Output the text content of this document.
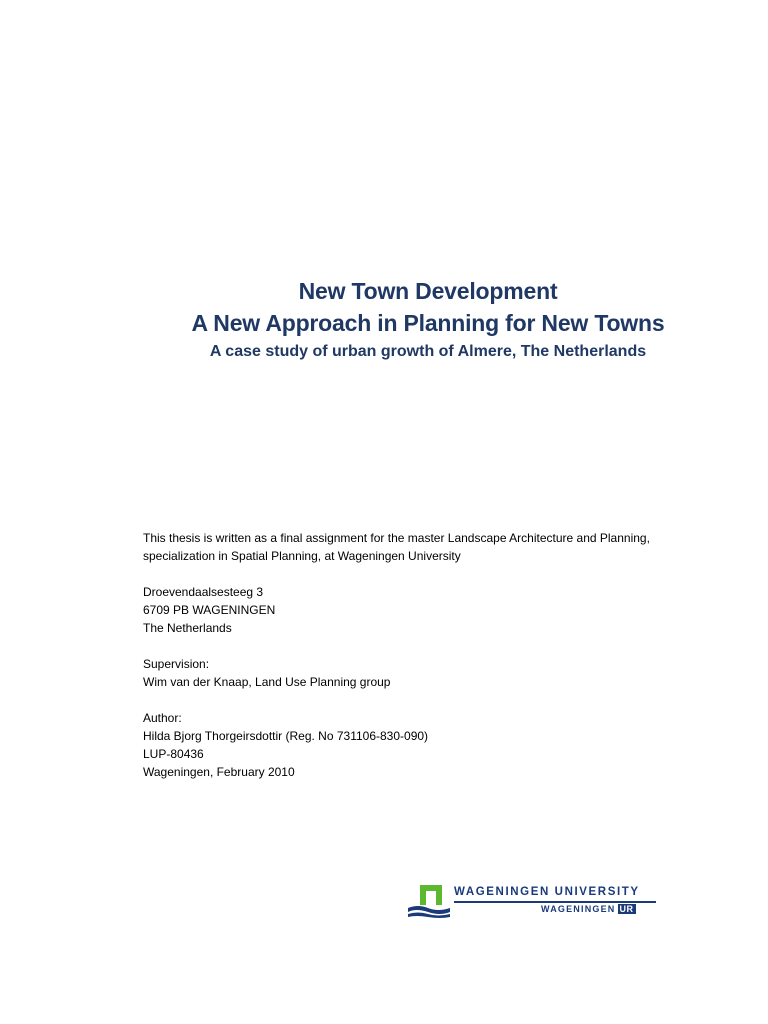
New Town Development
A New Approach in Planning for New Towns
A case study of urban growth of Almere, The Netherlands
This thesis is written as a final assignment for the master Landscape Architecture and Planning,
specialization in Spatial Planning, at Wageningen University
Droevendaalsesteeg 3
6709 PB WAGENINGEN
The Netherlands
Supervision:
Wim van der Knaap, Land Use Planning group
Author:
Hilda Bjorg Thorgeirsdottir (Reg. No 731106-830-090)
LUP-80436
Wageningen, February 2010
WAGENINGEN UNIVERSITY
WAGENINGEN UR
